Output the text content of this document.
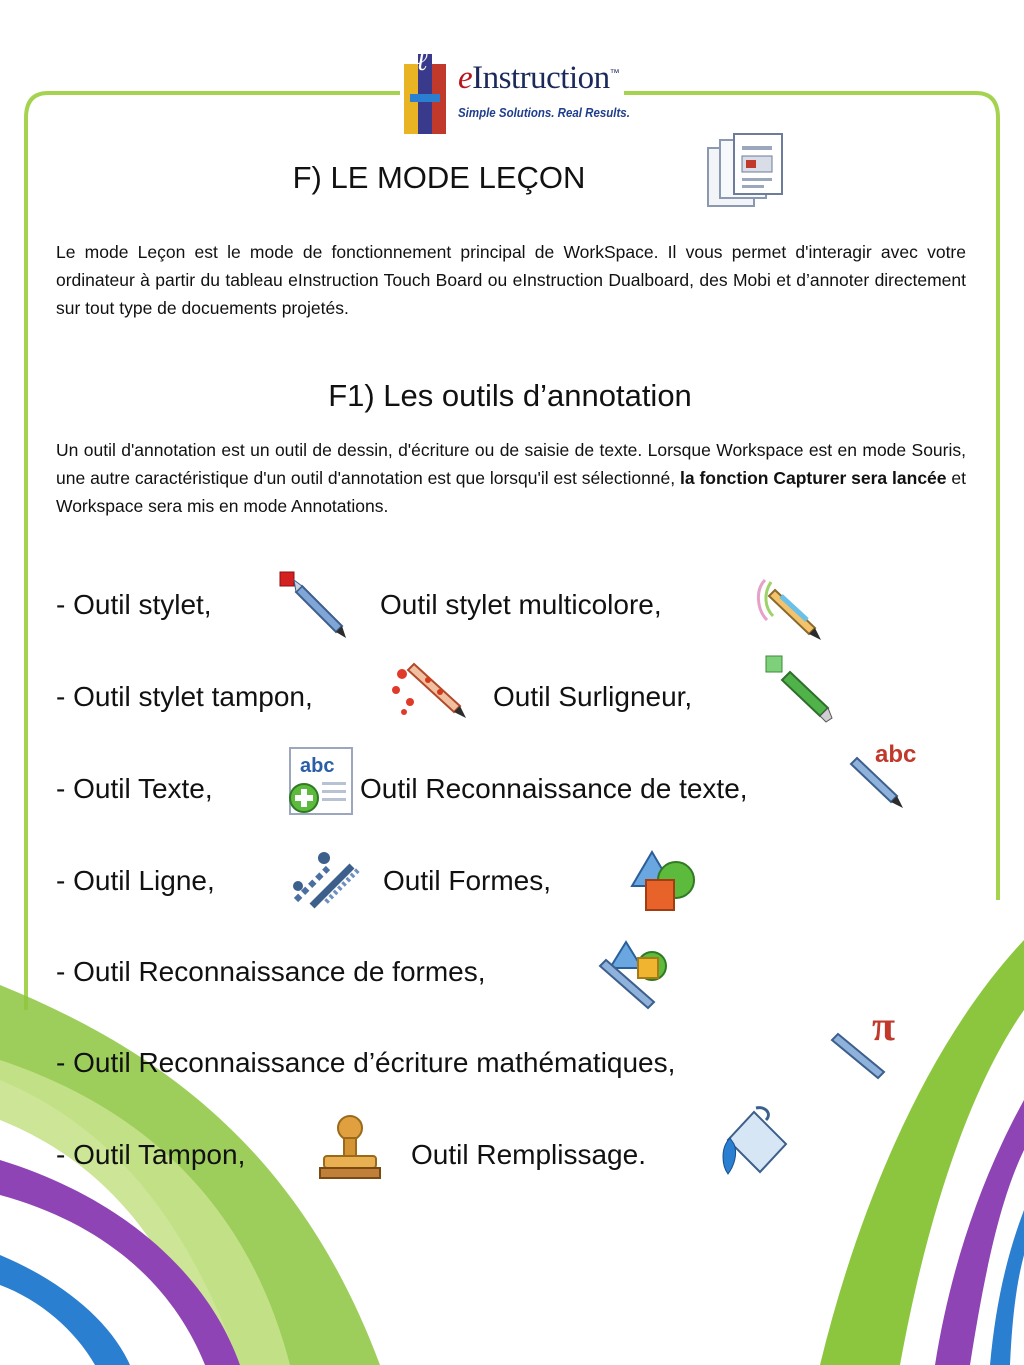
ℓ eInstruction™
Simple Solutions. Real Results.
F) LE MODE LEÇON
Le mode Leçon est le mode de fonctionnement principal de WorkSpace. Il vous permet d'interagir avec votre ordinateur à partir du tableau eInstruction Touch Board ou eInstruction Dualboard, des Mobi et d’annoter directement sur tout type de docuements projetés.
F1) Les outils d’annotation
Un outil d'annotation est un outil de dessin, d'écriture ou de saisie de texte. Lorsque Workspace est en mode Souris, une autre caractéristique d'un outil d'annotation est que lorsqu'il est sélectionné, la fonction Capturer sera lancée et Workspace sera mis en mode Annotations.
- Outil stylet,	Outil stylet multicolore,
- Outil stylet tampon,	Outil Surligneur,
- Outil Texte,
abc
Outil Reconnaissance de texte,
abc
- Outil Ligne,	Outil Formes,
- Outil Reconnaissance de formes,
- Outil Reconnaissance d’écriture mathématiques,
π
- Outil Tampon,	Outil Remplissage.
